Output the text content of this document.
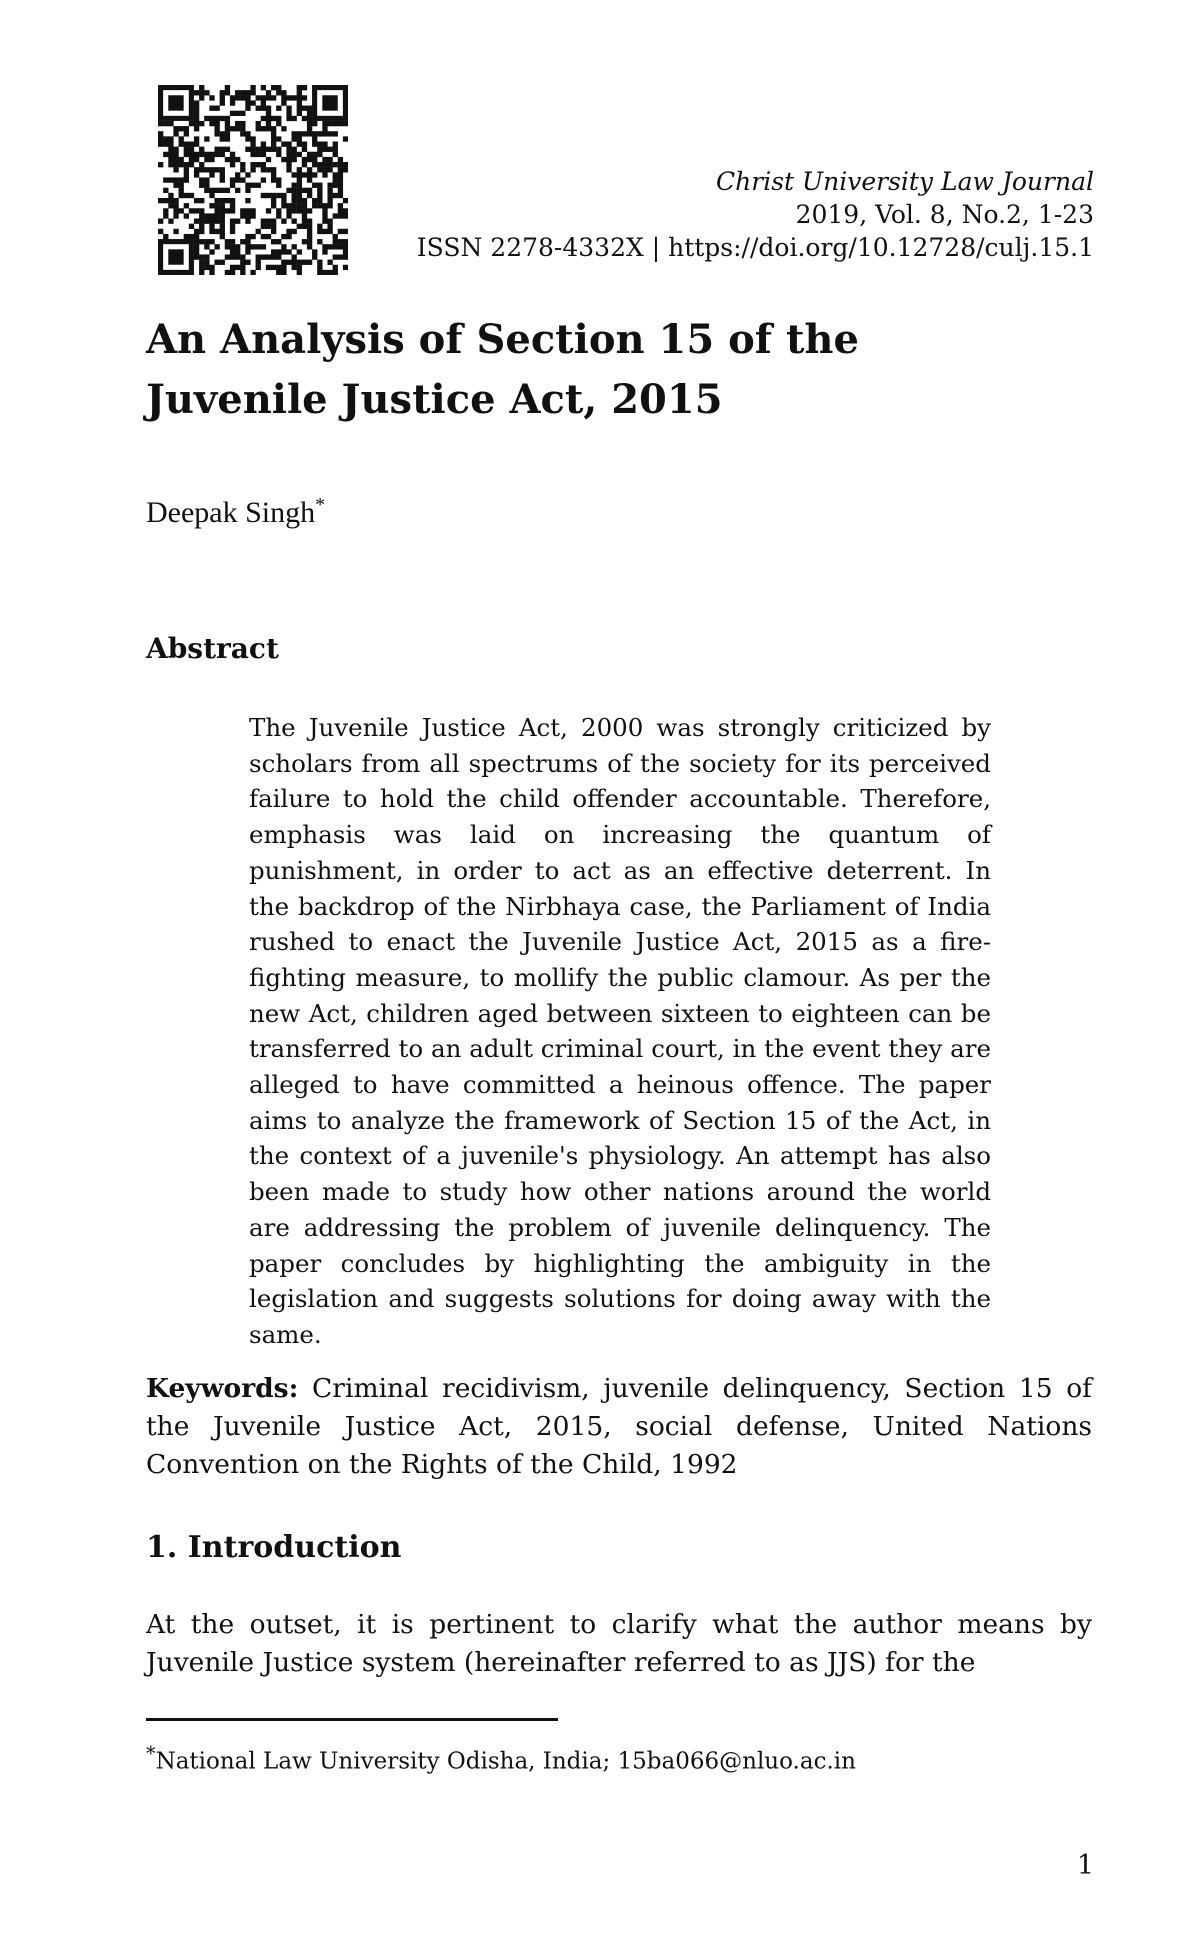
Christ University Law Journal
2019, Vol. 8, No.2, 1-23
ISSN 2278-4332X | https://doi.org/10.12728/culj.15.1
An Analysis of Section 15 of the Juvenile Justice Act, 2015

Deepak Singh*

Abstract

The Juvenile Justice Act, 2000 was strongly criticized by scholars from all spectrums of the society for its perceived failure to hold the child offender accountable. Therefore, emphasis was laid on increasing the quantum of punishment, in order to act as an effective deterrent. In the backdrop of the Nirbhaya case, the Parliament of India rushed to enact the Juvenile Justice Act, 2015 as a fire-fighting measure, to mollify the public clamour. As per the new Act, children aged between sixteen to eighteen can be transferred to an adult criminal court, in the event they are alleged to have committed a heinous offence. The paper aims to analyze the framework of Section 15 of the Act, in the context of a juvenile's physiology. An attempt has also been made to study how other nations around the world are addressing the problem of juvenile delinquency. The paper concludes by highlighting the ambiguity in the legislation and suggests solutions for doing away with the same.

Keywords: Criminal recidivism, juvenile delinquency, Section 15 of the Juvenile Justice Act, 2015, social defense, United Nations Convention on the Rights of the Child, 1992

1. Introduction

At the outset, it is pertinent to clarify what the author means by Juvenile Justice system (hereinafter referred to as JJS) for the

*National Law University Odisha, India; 15ba066@nluo.ac.in

1
